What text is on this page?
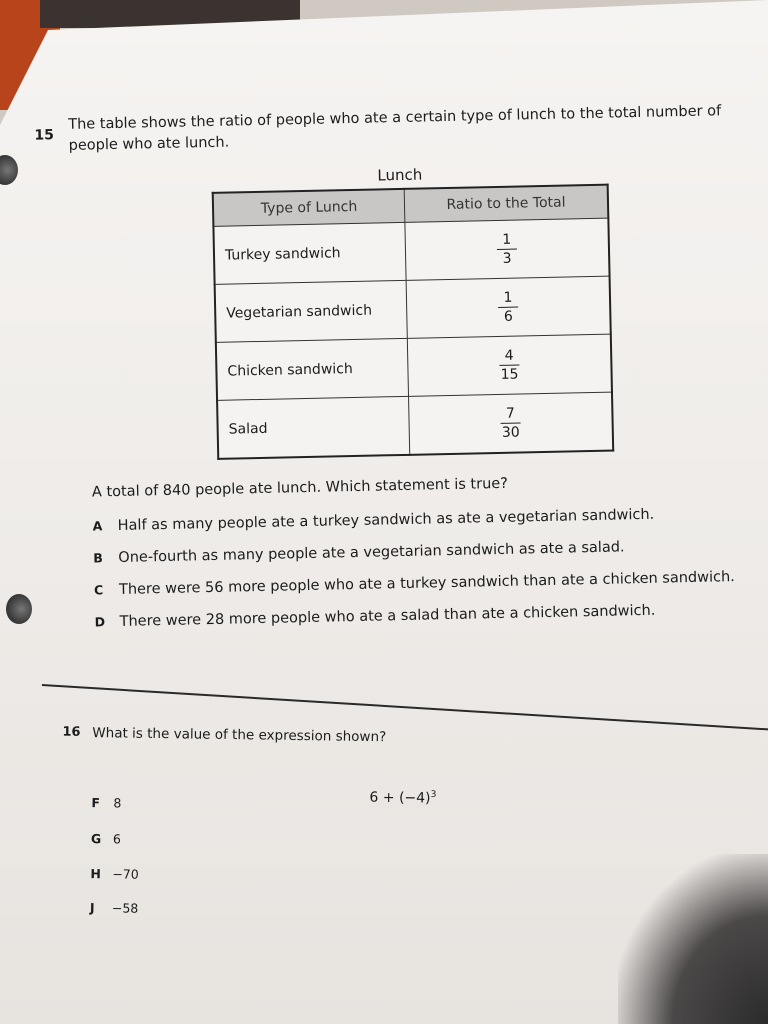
15
The table shows the ratio of people who ate a certain type of lunch to the total number of people who ate lunch.
Lunch
Type of Lunch	Ratio to the Total
Turkey sandwich	$\frac{1}{3}$

Vegetarian sandwich	$\frac{1}{6}$

Chicken sandwich	$\frac{4}{15}$

Salad	$\frac{7}{30}$
A total of 840 people ate lunch. Which statement is true?
A Half as many people ate a turkey sandwich as ate a vegetarian sandwich.
B One-fourth as many people ate a vegetarian sandwich as ate a salad.
C There were 56 more people who ate a turkey sandwich than ate a chicken sandwich.
D There were 28 more people who ate a salad than ate a chicken sandwich.
16 What is the value of the expression shown?
$6 + (-4)^3$
F 8
G 6
H −70
J −58
